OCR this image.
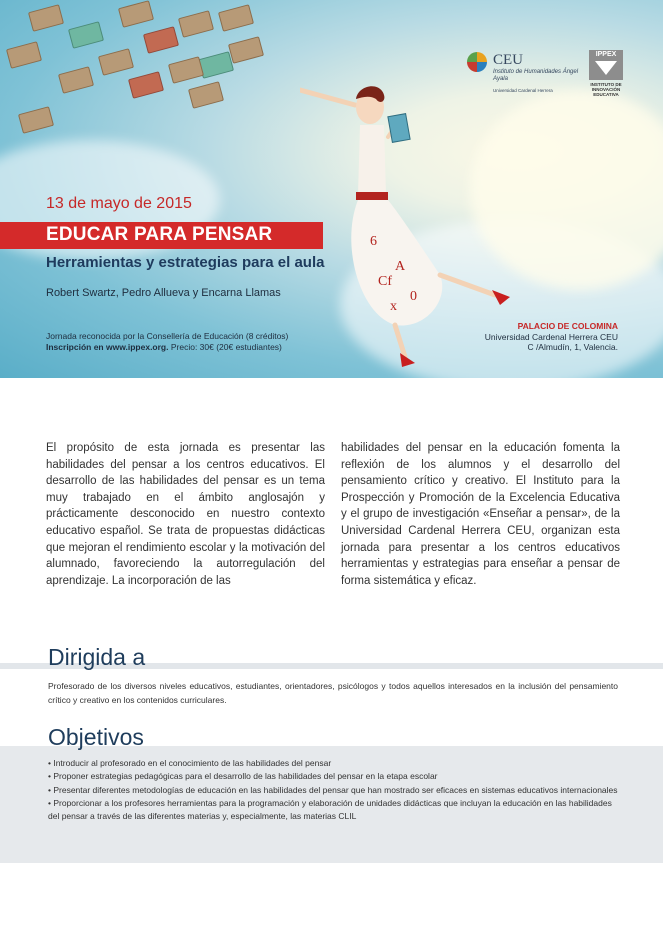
6
A
Cf
0
x
CEU
Instituto de Humanidades Ángel Ayala
Universidad Cardenal Herrera
IPPEX
INSTITUTO DE INNOVACIÓN EDUCATIVA
13 de mayo de 2015
EDUCAR PARA PENSAR
Herramientas y estrategias para el aula
Robert Swartz, Pedro Allueva y Encarna Llamas
Jornada reconocida por la Consellería de Educación (8 créditos)
Inscripción en www.ippex.org. Precio: 30€ (20€ estudiantes)
PALACIO DE COLOMINA
Universidad Cardenal Herrera CEU
C /Almudín, 1, Valencia.
El propósito de esta jornada es presentar las habilidades del pensar a los centros educativos. El desarrollo de las habilidades del pensar es un tema muy trabajado en el ámbito anglosajón y prácticamente desconocido en nuestro contexto educativo español. Se trata de propuestas didácticas que mejoran el rendimiento escolar y la motivación del alumnado, favoreciendo la autorregulación del aprendizaje. La incorporación de las
habilidades del pensar en la educación fomenta la reflexión de los alumnos y el desarrollo del pensamiento crítico y creativo. El Instituto para la Prospección y Promoción de la Excelencia Educativa y el grupo de investigación «Enseñar a pensar», de la Universidad Cardenal Herrera CEU, organizan esta jornada para presentar a los centros educativos herramientas y estrategias para enseñar a pensar de forma sistemática y eficaz.
Dirigida a
Profesorado de los diversos niveles educativos, estudiantes, orientadores, psicólogos y todos aquellos interesados en la inclusión del pensamiento crítico y creativo en los contenidos curriculares.
Objetivos
• Introducir al profesorado en el conocimiento de las habilidades del pensar
• Proponer estrategias pedagógicas para el desarrollo de las habilidades del pensar en la etapa escolar
• Presentar diferentes metodologías de educación en las habilidades del pensar que han mostrado ser eficaces en sistemas educativos internacionales
• Proporcionar a los profesores herramientas para la programación y elaboración de unidades didácticas que incluyan la educación en las habilidades del pensar a través de las diferentes materias y, especialmente, las materias CLIL
